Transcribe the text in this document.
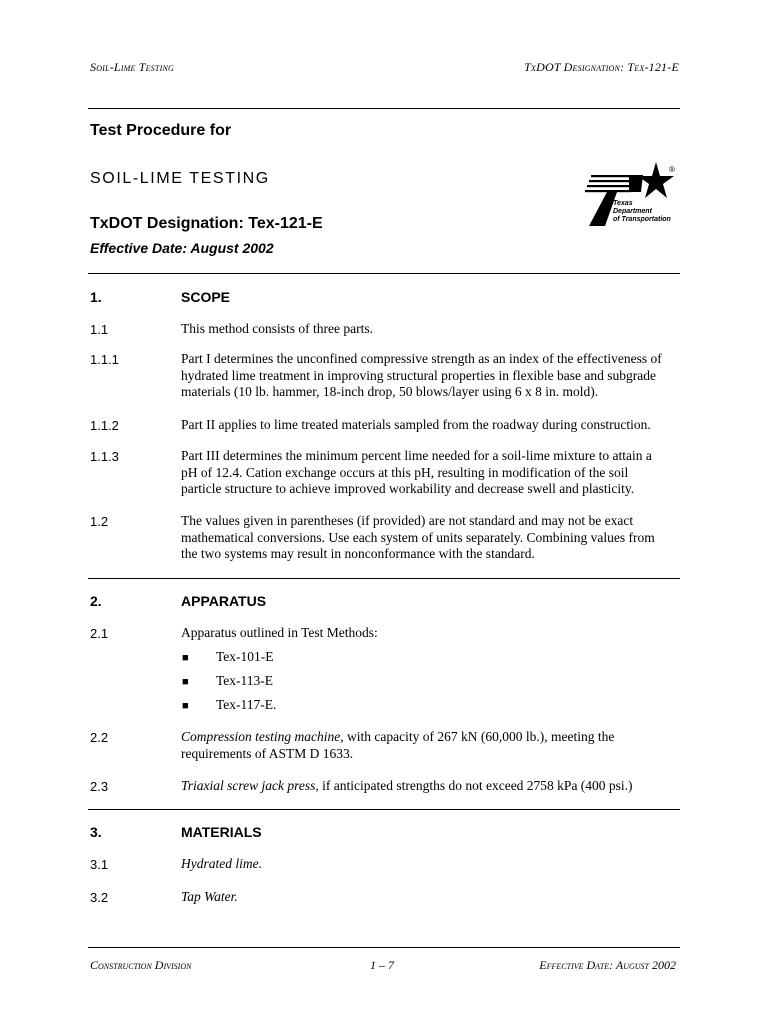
Soil-Lime Testing	TxDOT Designation: Tex-121-E
Test Procedure for
SOIL-LIME TESTING
TxDOT Designation: Tex-121-E
Effective Date: August 2002
Texas
Department
of Transportation
®
1.	SCOPE
1.1	This method consists of three parts.
1.1.1	Part I determines the unconfined compressive strength as an index of the effectiveness of
hydrated lime treatment in improving structural properties in flexible base and subgrade
materials (10 lb. hammer, 18-inch drop, 50 blows/layer using 6 x 8 in. mold).
1.1.2	Part II applies to lime treated materials sampled from the roadway during construction.
1.1.3	Part III determines the minimum percent lime needed for a soil-lime mixture to attain a
pH of 12.4. Cation exchange occurs at this pH, resulting in modification of the soil
particle structure to achieve improved workability and decrease swell and plasticity.
1.2	The values given in parentheses (if provided) are not standard and may not be exact
mathematical conversions. Use each system of units separately. Combining values from
the two systems may result in nonconformance with the standard.
2.	APPARATUS
2.1	Apparatus outlined in Test Methods:
■ Tex-101-E
■ Tex-113-E
■ Tex-117-E.
2.2	Compression testing machine, with capacity of 267 kN (60,000 lb.), meeting the
requirements of ASTM D 1633.
2.3	Triaxial screw jack press, if anticipated strengths do not exceed 2758 kPa (400 psi.)
3.	MATERIALS
3.1	Hydrated lime.
3.2	Tap Water.
Construction Division	1 – 7	Effective Date: August 2002
